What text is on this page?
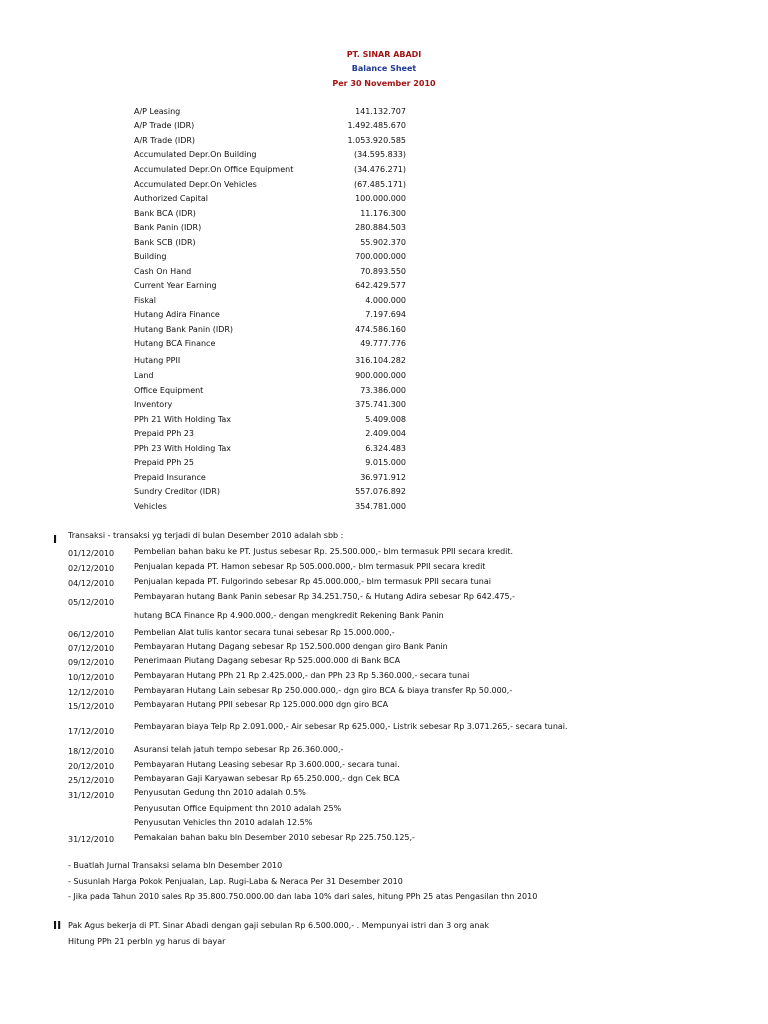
PT. SINAR ABADI
Balance Sheet
Per 30 November 2010
A/P Leasing	141.132.707
A/P Trade (IDR)	1.492.485.670
A/R Trade (IDR)	1.053.920.585
Accumulated Depr.On Building	(34.595.833)
Accumulated Depr.On Office Equipment	(34.476.271)
Accumulated Depr.On Vehicles	(67.485.171)
Authorized Capital	100.000.000
Bank BCA (IDR)	11.176.300
Bank Panin (IDR)	280.884.503
Bank SCB (IDR)	55.902.370
Building	700.000.000
Cash On Hand	70.893.550
Current Year Earning	642.429.577
Fiskal	4.000.000
Hutang Adira Finance	7.197.694
Hutang Bank Panin (IDR)	474.586.160
Hutang BCA Finance	49.777.776
Hutang PPII	316.104.282
Land	900.000.000
Office Equipment	73.386.000
Inventory	375.741.300
PPh 21 With Holding Tax	5.409.008
Prepaid PPh 23	2.409.004
PPh 23 With Holding Tax	6.324.483
Prepaid PPh 25	9.015.000
Prepaid Insurance	36.971.912
Sundry Creditor (IDR)	557.076.892
Vehicles	354.781.000
I Transaksi - transaksi yg terjadi di bulan Desember 2010 adalah sbb :
01/12/2010 Pembelian bahan baku ke PT. Justus sebesar Rp. 25.500.000,- blm termasuk PPII secara kredit.
02/12/2010 Penjualan kepada PT. Hamon sebesar Rp 505.000.000,- blm termasuk PPII secara kredit
04/12/2010 Penjualan kepada PT. Fulgorindo sebesar Rp 45.000.000,- blm termasuk PPII secara tunai
05/12/2010
Pembayaran hutang Bank Panin sebesar Rp 34.251.750,- & Hutang Adira sebesar Rp 642.475,-
hutang BCA Finance Rp 4.900.000,- dengan mengkredit Rekening Bank Panin
06/12/2010 Pembelian Alat tulis kantor secara tunai sebesar Rp 15.000.000,-
07/12/2010 Pembayaran Hutang Dagang sebesar Rp 152.500.000 dengan giro Bank Panin
09/12/2010 Penerimaan Piutang Dagang sebesar Rp 525.000.000 di Bank BCA
10/12/2010 Pembayaran Hutang PPh 21 Rp 2.425.000,- dan PPh 23 Rp 5.360.000,- secara tunai
12/12/2010 Pembayaran Hutang Lain sebesar Rp 250.000.000,- dgn giro BCA & biaya transfer Rp 50.000,-
15/12/2010 Pembayaran Hutang PPII sebesar Rp 125.000.000 dgn giro BCA
17/12/2010
Pembayaran biaya Telp Rp 2.091.000,- Air sebesar Rp 625.000,- Listrik sebesar Rp 3.071.265,- secara tunai.
18/12/2010 Asuransi telah jatuh tempo sebesar Rp 26.360.000,-
20/12/2010 Pembayaran Hutang Leasing sebesar Rp 3.600.000,- secara tunai.
25/12/2010 Pembayaran Gaji Karyawan sebesar Rp 65.250.000,- dgn Cek BCA
31/12/2010 Penyusutan Gedung thn 2010 adalah 0.5%
Penyusutan Office Equipment thn 2010 adalah 25%
Penyusutan Vehicles thn 2010 adalah 12.5%
31/12/2010 Pemakaian bahan baku bln Desember 2010 sebesar Rp 225.750.125,-
- Buatlah Jurnal Transaksi selama bln Desember 2010
- Susunlah Harga Pokok Penjualan, Lap. Rugi-Laba & Neraca Per 31 Desember 2010
- Jika pada Tahun 2010 sales Rp 35.800.750.000.00 dan laba 10% dari sales, hitung PPh 25 atas Pengasilan thn 2010
II Pak Agus bekerja di PT. Sinar Abadi dengan gaji sebulan Rp 6.500.000,- . Mempunyai istri dan 3 org anak
Hitung PPh 21 perbln yg harus di bayar
